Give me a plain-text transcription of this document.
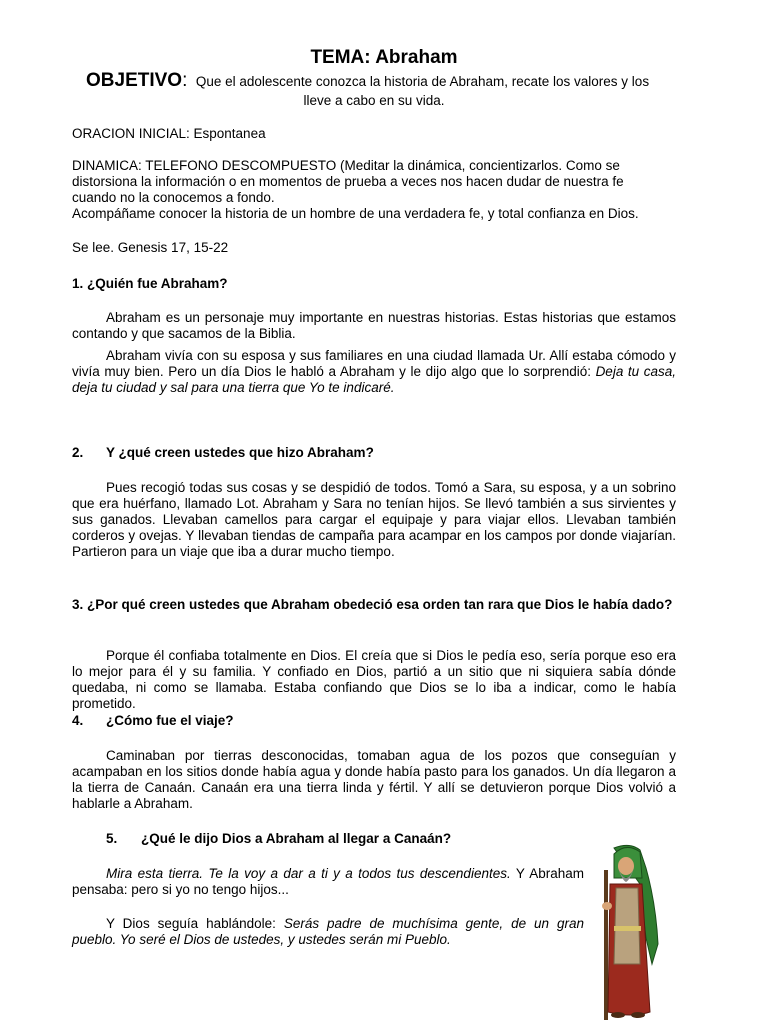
TEMA: Abraham
OBJETIVO: Que el adolescente conozca la historia de Abraham, recate los valores y los
lleve a cabo en su vida.
ORACION INICIAL: Espontanea
DINAMICA: TELEFONO DESCOMPUESTO (Meditar la dinámica, concientizarlos. Como se
distorsiona la información o en momentos de prueba a veces nos hacen dudar de nuestra fe
cuando no la conocemos a fondo.
Acompáñame conocer la historia de un hombre de una verdadera fe, y total confianza en Dios.
Se lee. Genesis 17, 15-22
1. ¿Quién fue Abraham?
Abraham es un personaje muy importante en nuestras historias. Estas historias que estamos contando y que sacamos de la Biblia.
Abraham vivía con su esposa y sus familiares en una ciudad llamada Ur. Allí estaba cómodo y vivía muy bien. Pero un día Dios le habló a Abraham y le dijo algo que lo sorprendió: Deja tu casa, deja tu ciudad y sal para una tierra que Yo te indicaré.
2. Y ¿qué creen ustedes que hizo Abraham?
Pues recogió todas sus cosas y se despidió de todos. Tomó a Sara, su esposa, y a un sobrino que era huérfano, llamado Lot. Abraham y Sara no tenían hijos. Se llevó también a sus sirvientes y sus ganados. Llevaban camellos para cargar el equipaje y para viajar ellos. Llevaban también corderos y ovejas. Y llevaban tiendas de campaña para acampar en los campos por donde viajarían. Partieron para un viaje que iba a durar mucho tiempo.
3. ¿Por qué creen ustedes que Abraham obedeció esa orden tan rara que Dios le había dado?
Porque él confiaba totalmente en Dios. El creía que si Dios le pedía eso, sería porque eso era lo mejor para él y su familia. Y confiado en Dios, partió a un sitio que ni siquiera sabía dónde quedaba, ni como se llamaba. Estaba confiando que Dios se lo iba a indicar, como le había prometido.
4. ¿Cómo fue el viaje?
Caminaban por tierras desconocidas, tomaban agua de los pozos que conseguían y acampaban en los sitios donde había agua y donde había pasto para los ganados. Un día llegaron a la tierra de Canaán. Canaán era una tierra linda y fértil. Y allí se detuvieron porque Dios volvió a hablarle a Abraham.
5. ¿Qué le dijo Dios a Abraham al llegar a Canaán?
Mira esta tierra. Te la voy a dar a ti y a todos tus descendientes. Y Abraham pensaba: pero si yo no tengo hijos...
Y Dios seguía hablándole: Serás padre de muchísima gente, de un gran pueblo. Yo seré el Dios de ustedes, y ustedes serán mi Pueblo.
